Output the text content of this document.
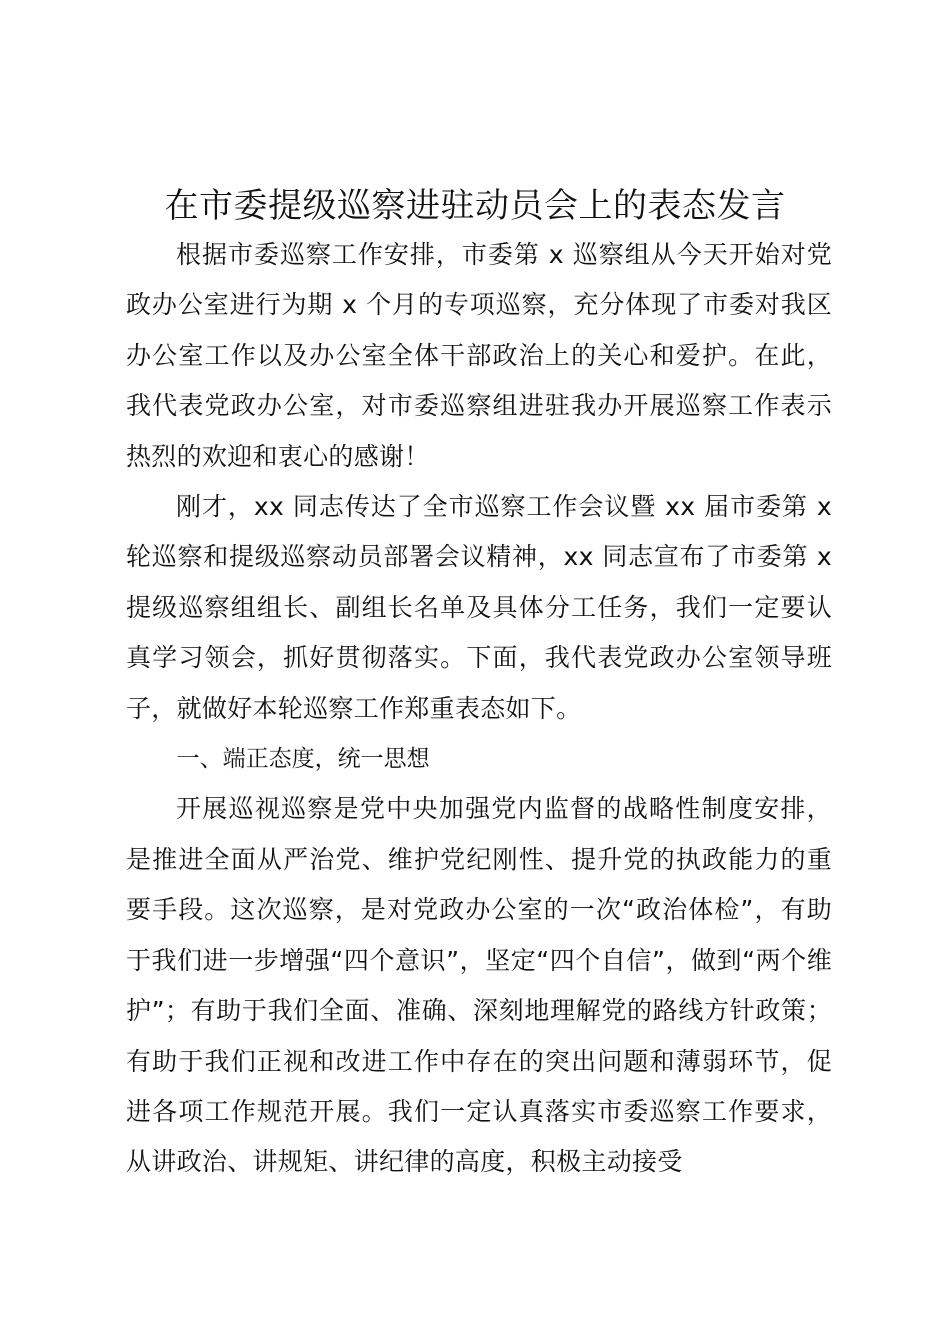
在市委提级巡察进驻动员会上的表态发言

根据市委巡察工作安排，市委第 x 巡察组从今天开始对党政办公室进行为期 x 个月的专项巡察，充分体现了市委对我区办公室工作以及办公室全体干部政治上的关心和爱护。在此，我代表党政办公室，对市委巡察组进驻我办开展巡察工作表示热烈的欢迎和衷心的感谢！

刚才，xx 同志传达了全市巡察工作会议暨 xx 届市委第 x 轮巡察和提级巡察动员部署会议精神，xx 同志宣布了市委第 x 提级巡察组组长、副组长名单及具体分工任务，我们一定要认真学习领会，抓好贯彻落实。下面，我代表党政办公室领导班子，就做好本轮巡察工作郑重表态如下。

一、端正态度，统一思想

开展巡视巡察是党中央加强党内监督的战略性制度安排，是推进全面从严治党、维护党纪刚性、提升党的执政能力的重要手段。这次巡察，是对党政办公室的一次“政治体检”，有助于我们进一步增强“四个意识”，坚定“四个自信”，做到“两个维护”；有助于我们全面、准确、深刻地理解党的路线方针政策；有助于我们正视和改进工作中存在的突出问题和薄弱环节，促进各项工作规范开展。我们一定认真落实市委巡察工作要求，从讲政治、讲规矩、讲纪律的高度，积极主动接受
